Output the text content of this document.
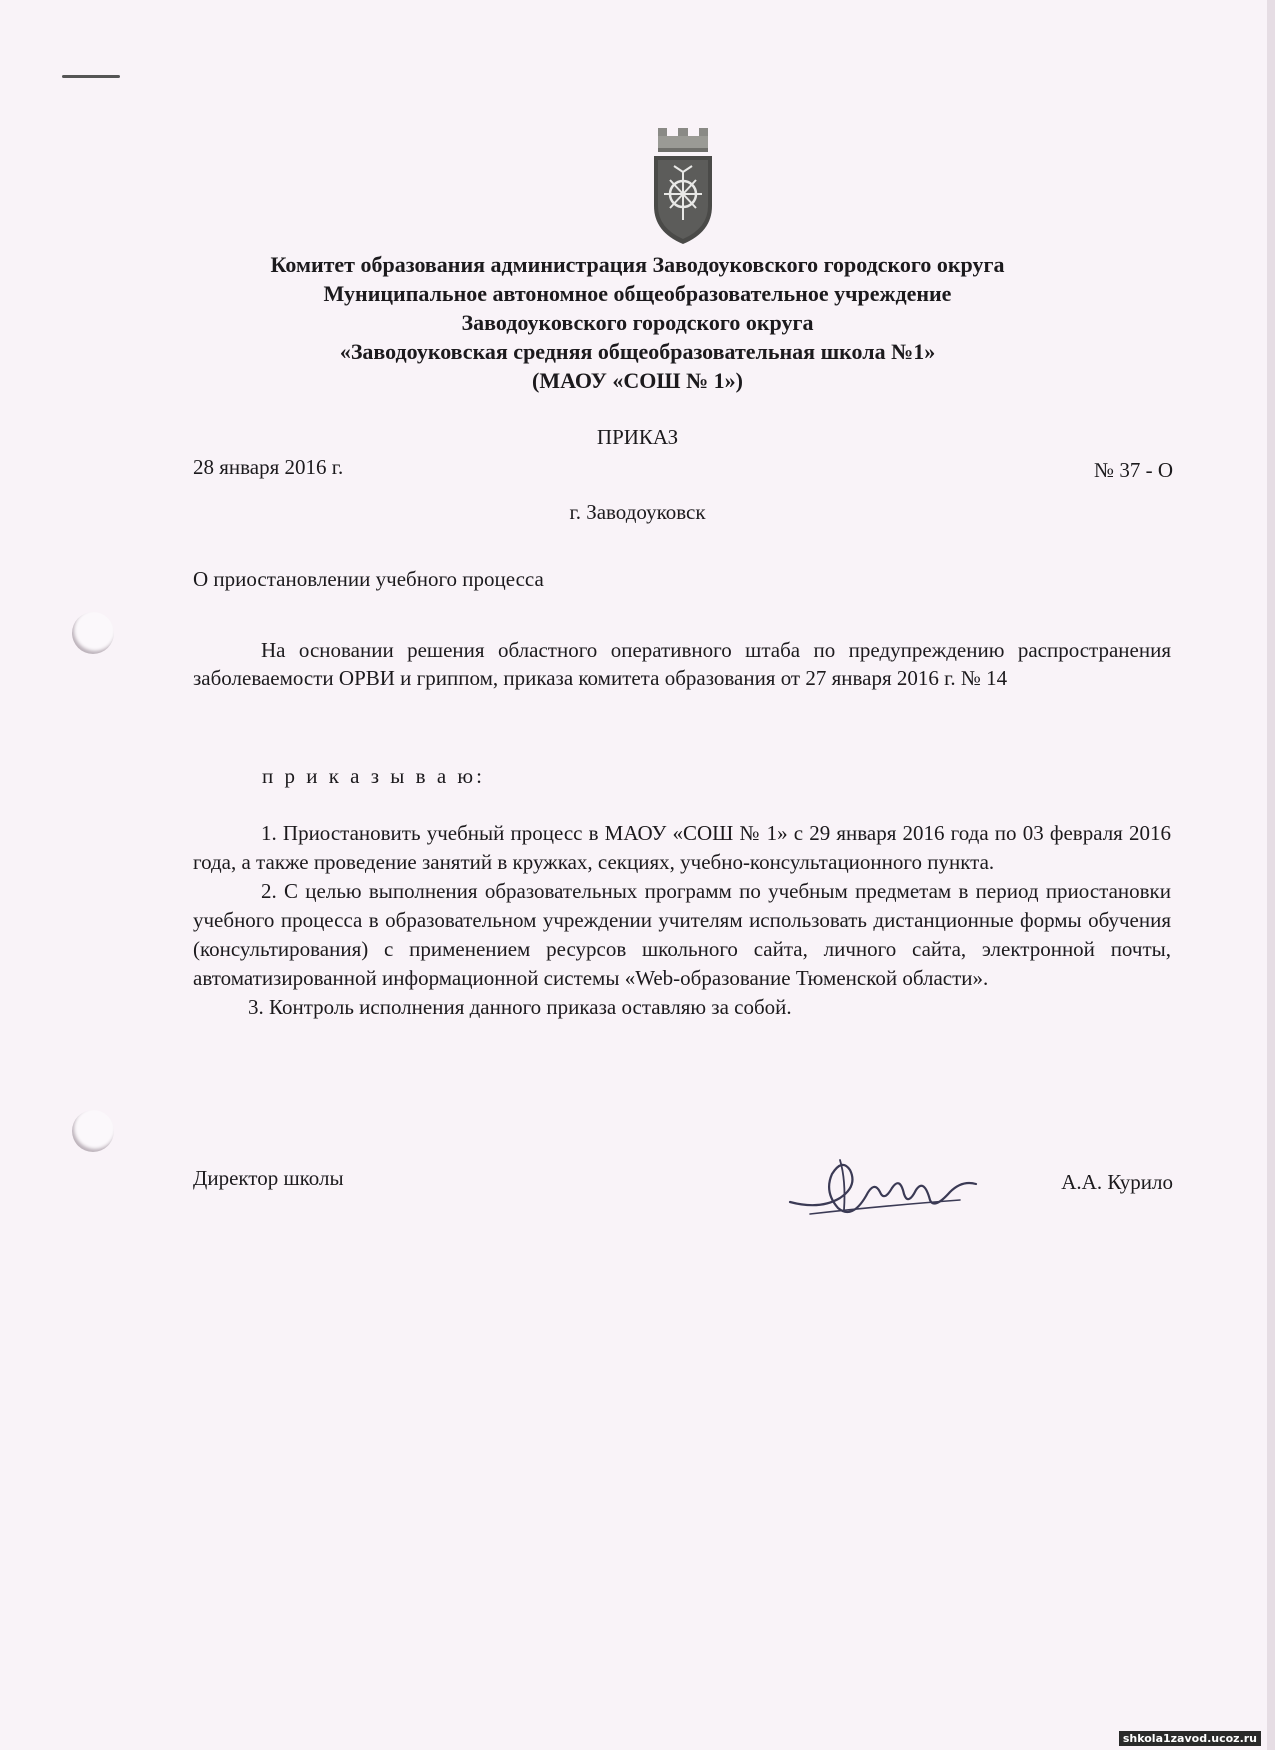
Комитет образования администрация Заводоуковского городского округа
Муниципальное автономное общеобразовательное учреждение
Заводоуковского городского округа
«Заводоуковская средняя общеобразовательная школа №1»
(МАОУ «СОШ № 1»)
ПРИКАЗ
28 января 2016 г.	№ 37 - О
г. Заводоуковск
О приостановлении учебного процесса
На основании решения областного оперативного штаба по предупреждению распространения заболеваемости ОРВИ и гриппом, приказа комитета образования от 27 января 2016 г. № 14
п р и к а з ы в а ю:
1. Приостановить учебный процесс в МАОУ «СОШ № 1» с 29 января 2016 года по 03 февраля 2016 года, а также проведение занятий в кружках, секциях, учебно-консультационного пункта.
2. С целью выполнения образовательных программ по учебным предметам в период приостановки учебного процесса в образовательном учреждении учителям использовать дистанционные формы обучения (консультирования) с применением ресурсов школьного сайта, личного сайта, электронной почты, автоматизированной информационной системы «Web-образование Тюменской области».
3. Контроль исполнения данного приказа оставляю за собой.
Директор школы	А.А. Курило
shkola1zavod.ucoz.ru
